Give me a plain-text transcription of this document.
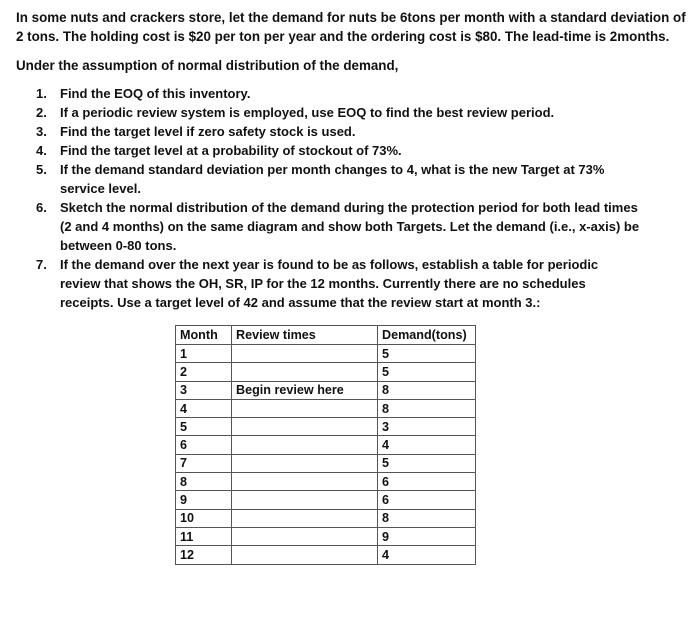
In some nuts and crackers store, let the demand for nuts be 6tons per month with a standard deviation of 2 tons. The holding cost is $20 per ton per year and the ordering cost is $80. The lead-time is 2months.

Under the assumption of normal distribution of the demand,

1. Find the EOQ of this inventory.
2. If a periodic review system is employed, use EOQ to find the best review period.
3. Find the target level if zero safety stock is used.
4. Find the target level at a probability of stockout of 73%.
5. If the demand standard deviation per month changes to 4, what is the new Target at 73% service level.
6. Sketch the normal distribution of the demand during the protection period for both lead times (2 and 4 months) on the same diagram and show both Targets. Let the demand (i.e., x-axis) be between 0-80 tons.
7. If the demand over the next year is found to be as follows, establish a table for periodic review that shows the OH, SR, IP for the 12 months. Currently there are no schedules receipts. Use a target level of 42 and assume that the review start at month 3.:
Month	Review times	Demand(tons)
1		5
2		5
3	Begin review here	8
4		8
5		3
6		4
7		5
8		6
9		6
10		8
11		9
12		4
